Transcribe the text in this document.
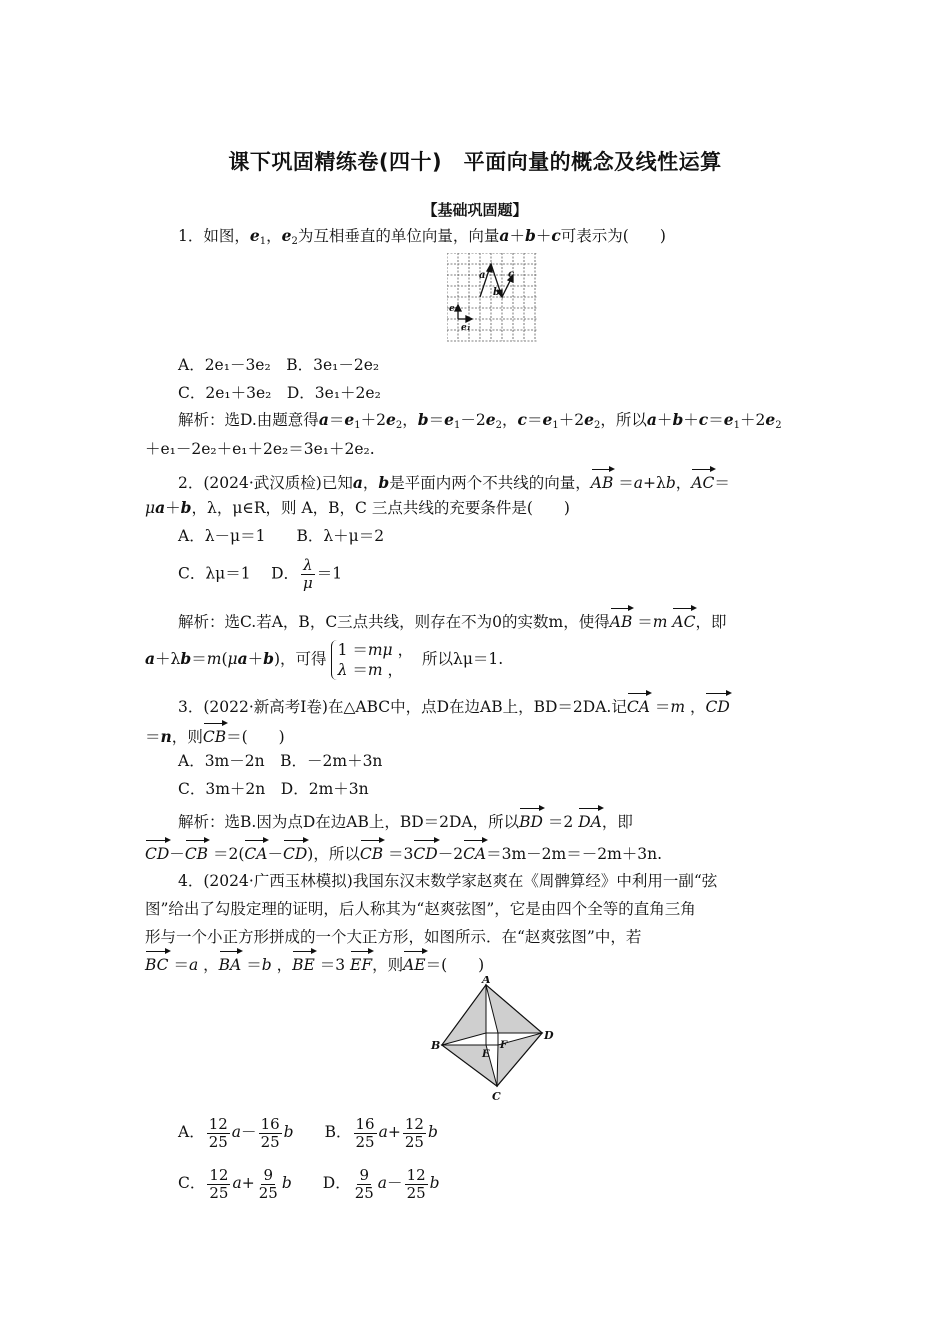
课下巩固精练卷(四十)　平面向量的概念及线性运算
【基础巩固题】
1．如图，$e_1$，$e_2$为互相垂直的单位向量，向量a＋b＋c可表示为(　　)
a
b
c
e₁
e₂
A．2e₁－3e₂　 B．3e₁－2e₂
C．2e₁＋3e₂　 D．3e₁＋2e₂
解析：选D.由题意得$a=e_1+2e_2$，$b=e_1-2e_2$，$c=e_1+2e_2$，所以$a+b+c=e_1+2e_2$
＋e₁－2e₂＋e₁＋2e₂＝3e₁＋2e₂.
2．(2024·武汉质检)已知a，b是平面内两个不共线的向量，AB ＝a+λb，AC＝
μa＋b，λ，μ∈R，则 A，B，C 三点共线的充要条件是(　　)
A．λ－μ＝1　　 B．λ＋μ＝2
C．λμ＝1　 D． $\frac{\lambda}{\mu} =1$
解析：选C.若A，B，C三点共线，则存在不为0的实数m，使得AB ＝m AC，即
a＋λb＝m(μa＋b)，可得 1 ＝mμ ，
λ ＝m ， 所以λμ＝1.
3．(2022·新高考Ⅰ卷)在△ABC中，点D在边AB上，BD＝2DA.记CA ＝m ，CD
＝n，则CB＝(　　)
A．3m－2n　 B．－2m＋3n
C．3m＋2n　 D．2m＋3n
解析：选B.因为点D在边AB上，BD＝2DA，所以BD ＝2 DA，即
CD－CB ＝2(CA－CD)，所以CB ＝3CD－2CA＝3m－2m＝－2m＋3n.
4．(2024·广西玉林模拟)我国东汉末数学家赵爽在《周髀算经》中利用一副“弦
图”给出了勾股定理的证明，后人称其为“赵爽弦图”，它是由四个全等的直角三角
形与一个小正方形拼成的一个大正方形，如图所示．在“赵爽弦图”中，若
BC ＝a ，BA ＝b ，BE ＝3 EF，则AE＝(　　)
A
B
C
D
E
F
A． $\frac{12}{25} a- \frac{16}{25}$ b　　 B． $\frac{16}{25} a+ \frac{12}{25}$ b
C． $\frac{12}{25} a+ \frac{9}{25}$ b　　 D． $\frac{9}{25} a- \frac{12}{25}$ b
